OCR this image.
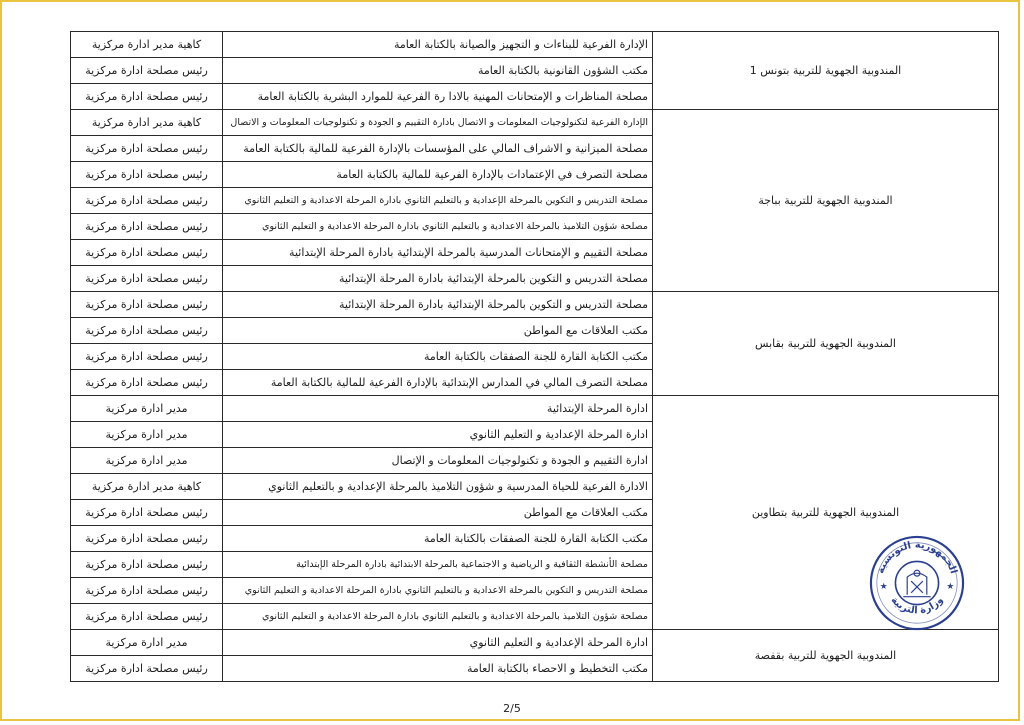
كاهية مدير ادارة مركزية	الإدارة الفرعية للبناءات و التجهيز والصيانة بالكتابة العامة	المندوبية الجهوية للتربية بتونس 1
رئيس مصلحة ادارة مركزية	مكتب الشؤون القانونية بالكتابة العامة	
رئيس مصلحة ادارة مركزية	مصلحة المناظرات و الإمتحانات المهنية بالادا رة الفرعية للموارد البشرية بالكتابة العامة	
كاهية مدير ادارة مركزية	الإدارة الفرعية لتكنولوجيات المعلومات و الاتصال بادارة التقييم و الجودة و تكنولوجيات المعلومات و الاتصال	المندوبية الجهوية للتربية بباجة
رئيس مصلحة ادارة مركزية	مصلحة الميزانية و الاشراف المالي على المؤسسات بالإدارة الفرعية للمالية بالكتابة العامة	
رئيس مصلحة ادارة مركزية	مصلحة التصرف في الإعتمادات بالإدارة الفرعية للمالية بالكتابة العامة	
رئيس مصلحة ادارة مركزية	مصلحة التدريس و التكوين بالمرحلة الإعدادية و بالتعليم الثانوي بادارة المرحلة الاعدادية و التعليم الثانوي	
رئيس مصلحة ادارة مركزية	مصلحة شؤون التلاميذ بالمرحلة الاعدادية و بالتعليم الثانوي بادارة المرحلة الاعدادية و التعليم الثانوي	
رئيس مصلحة ادارة مركزية	مصلحة التقييم و الإمتحانات المدرسية بالمرحلة الإبتدائية بادارة المرحلة الإبتدائية	
رئيس مصلحة ادارة مركزية	مصلحة التدريس و التكوين بالمرحلة الإبتدائية بادارة المرحلة الإبتدائية	
رئيس مصلحة ادارة مركزية	مصلحة التدريس و التكوين بالمرحلة الإبتدائية بادارة المرحلة الإبتدائية	المندوبية الجهوية للتربية بقابس
رئيس مصلحة ادارة مركزية	مكتب العلاقات مع المواطن	
رئيس مصلحة ادارة مركزية	مكتب الكتابة القارة للجنة الصفقات بالكتابة العامة	
رئيس مصلحة ادارة مركزية	مصلحة التصرف المالي في المدارس الإبتدائية بالإدارة الفرعية للمالية بالكتابة العامة	
مدير ادارة مركزية	ادارة المرحلة الإبتدائية	المندوبية الجهوية للتربية بتطاوين
مدير ادارة مركزية	ادارة المرحلة الإعدادية و التعليم الثانوي	
مدير ادارة مركزية	ادارة التقييم و الجودة و تكنولوجيات المعلومات و الإتصال	
كاهية مدير ادارة مركزية	الادارة الفرعية للحياة المدرسية و شؤون التلاميذ بالمرحلة الإعدادية و بالتعليم الثانوي	
رئيس مصلحة ادارة مركزية	مكتب العلاقات مع المواطن	
رئيس مصلحة ادارة مركزية	مكتب الكتابة القارة للجنة الصفقات بالكتابة العامة	
رئيس مصلحة ادارة مركزية	مصلحة الأنشطة الثقافية و الرياضية و الاجتماعية بالمرحلة الابتدائية بادارة المرحلة الإبتدائية	
رئيس مصلحة ادارة مركزية	مصلحة التدريس و التكوين بالمرحلة الاعدادية و بالتعليم الثانوي بادارة المرحلة الاعدادية و التعليم الثانوي	
رئيس مصلحة ادارة مركزية	مصلحة شؤون التلاميذ بالمرحلة الاعدادية و بالتعليم الثانوي بادارة المرحلة الاعدادية و التعليم الثانوي	
مدير ادارة مركزية	ادارة المرحلة الإعدادية و التعليم الثانوي	المندوبية الجهوية للتربية بقفصة
رئيس مصلحة ادارة مركزية	مكتب التخطيط و الاحصاء بالكتابة العامة	
الجمهورية التونسية
وزارة التربية
★	★
2/5
